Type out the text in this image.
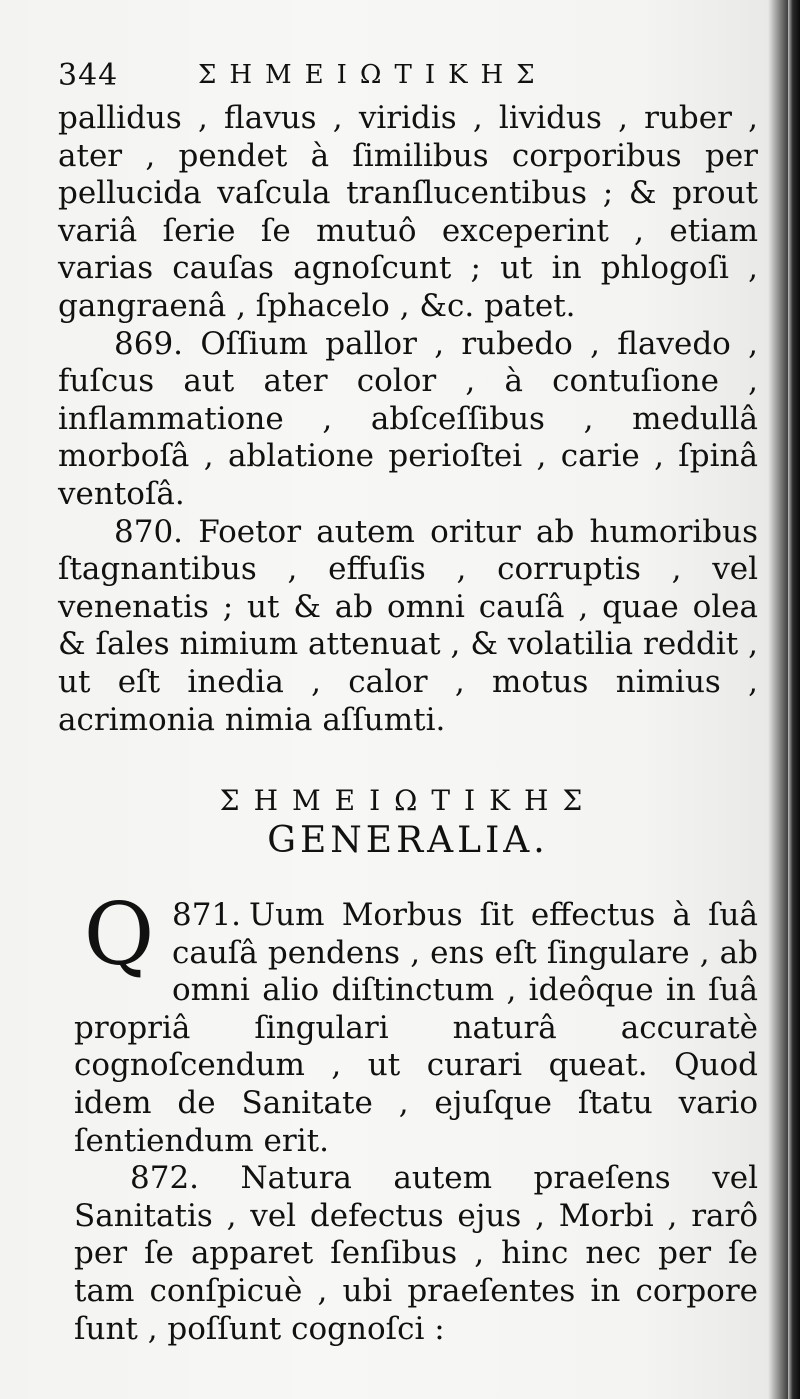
344	ΣΗΜΕΙΩΤΙΚΗΣ

pallidus , flavus , viridis , lividus , ruber , ater , pendet à ſimilibus corporibus per pellucida vaſcula tranſlucentibus ; & prout variâ ſerie ſe mutuô exceperint , etiam varias cauſas agnoſcunt ; ut in phlogoſi , gangraenâ , ſphacelo , &c. patet.

869. Oſſium pallor , rubedo , flavedo , fuſcus aut ater color , à contuſione , inflammatione , abſceſſibus , medullâ morboſâ , ablatione perioſtei , carie , ſpinâ ventoſâ.

870. Foetor autem oritur ab humoribus ſtagnantibus , effuſis , corruptis , vel venenatis ; ut & ab omni cauſâ , quae olea & ſales nimium attenuat , & volatilia reddit , ut eſt inedia , calor , motus nimius , acrimonia nimia aſſumti.

ΣΗΜΕΙΩΤΙΚΗΣ
GENERALIA.

871.
Q	Uum Morbus ſit effectus à ſuâ cauſâ pendens , ens eſt ſingulare , ab omni alio diſtinctum , ideôque in ſuâ propriâ ſingulari naturâ accuratè cognoſcendum , ut curari queat. Quod idem de Sanitate , ejuſque ſtatu vario ſentiendum erit.

872. Natura autem praeſens vel Sanitatis , vel defectus ejus , Morbi , rarô per ſe apparet ſenſibus , hinc nec per ſe tam conſpicuè , ubi praeſentes in corpore ſunt , poſſunt cognoſci :
